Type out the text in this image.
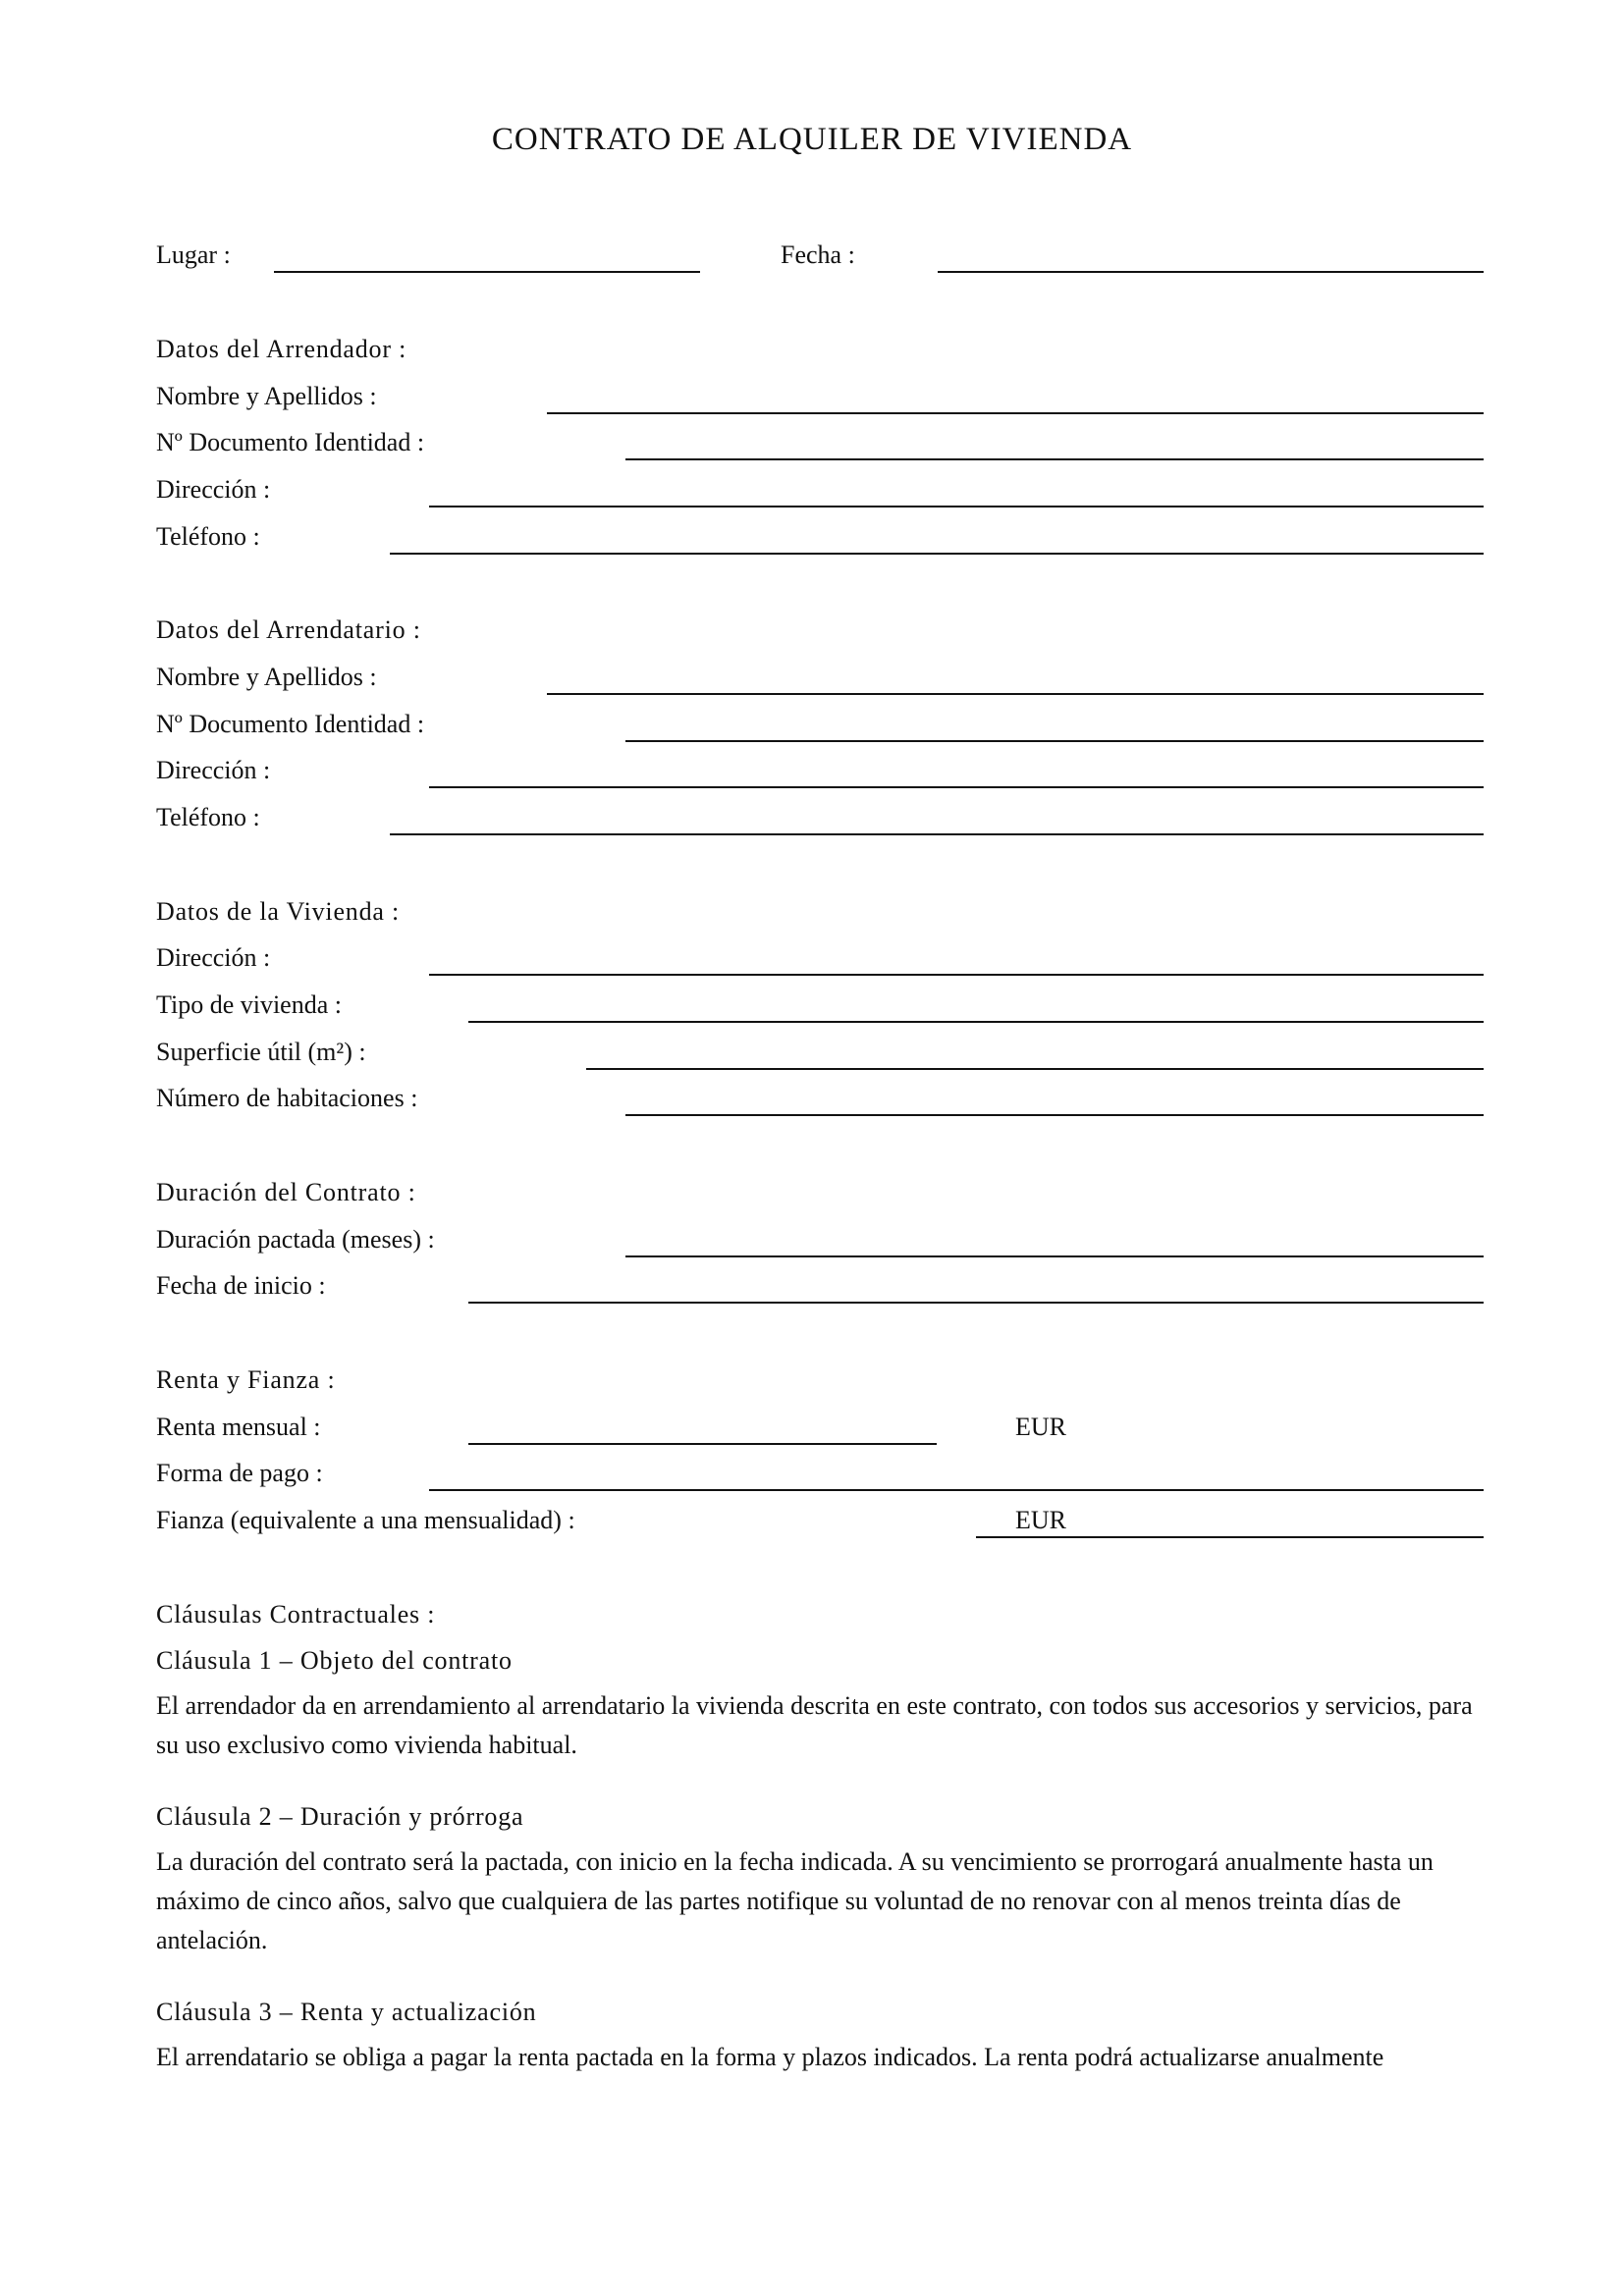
CONTRATO DE ALQUILER DE VIVIENDA
Lugar :	Fecha :
Datos del Arrendador :
Nombre y Apellidos :
Nº Documento Identidad :
Dirección :
Teléfono :
Datos del Arrendatario :
Nombre y Apellidos :
Nº Documento Identidad :
Dirección :
Teléfono :
Datos de la Vivienda :
Dirección :
Tipo de vivienda :
Superficie útil (m²) :
Número de habitaciones :
Duración del Contrato :
Duración pactada (meses) :
Fecha de inicio :
Renta y Fianza :
Renta mensual :	EUR
Forma de pago :
Fianza (equivalente a una mensualidad) :	EUR
Cláusulas Contractuales :
Cláusula 1 – Objeto del contrato
El arrendador da en arrendamiento al arrendatario la vivienda descrita en este contrato, con todos sus accesorios y servicios, para su uso exclusivo como vivienda habitual.
Cláusula 2 – Duración y prórroga
La duración del contrato será la pactada, con inicio en la fecha indicada. A su vencimiento se prorrogará anualmente hasta un máximo de cinco años, salvo que cualquiera de las partes notifique su voluntad de no renovar con al menos treinta días de antelación.
Cláusula 3 – Renta y actualización
El arrendatario se obliga a pagar la renta pactada en la forma y plazos indicados. La renta podrá actualizarse anualmente
